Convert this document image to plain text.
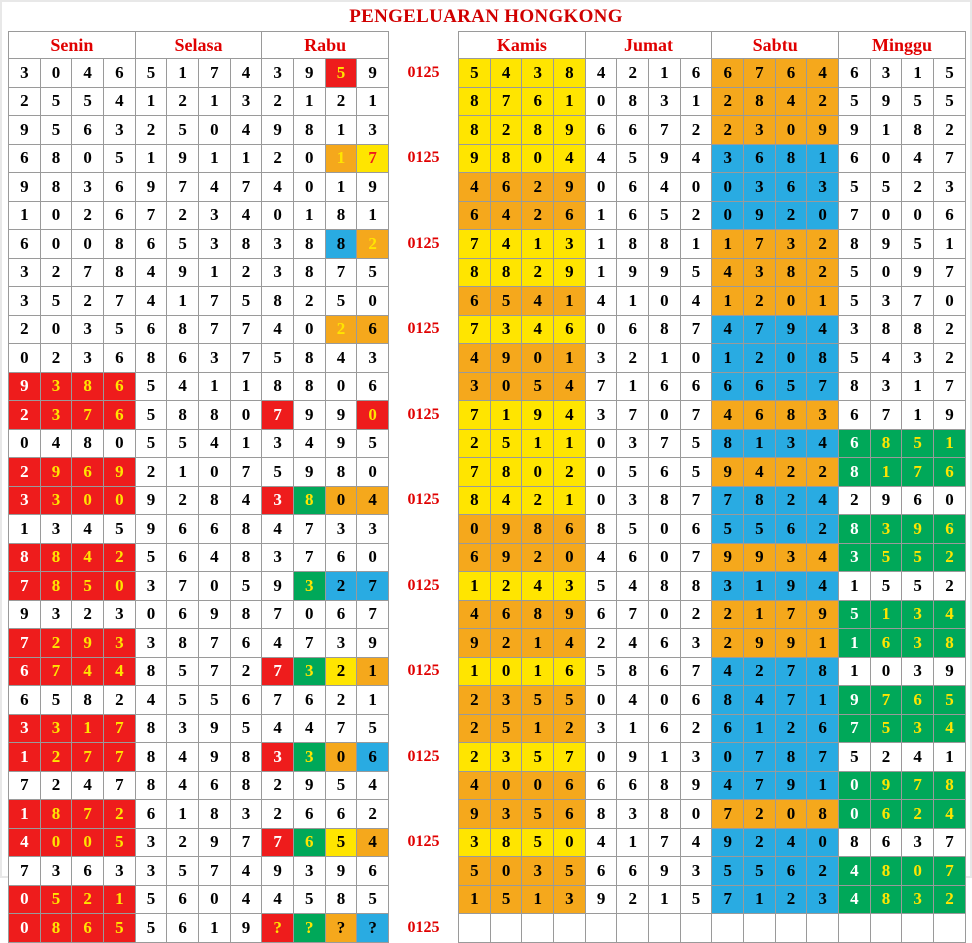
PENGELUARAN HONGKONG
Senin				Selasa				Rabu					Kamis				Jumat				Sabtu				Minggu			
3	0	4	6	5	1	7	4	3	9	5	9	0125	5	4	3	8	4	2	1	6	6	7	6	4	6	3	1	5
2	5	5	4	1	2	1	3	2	1	2	1		8	7	6	1	0	8	3	1	2	8	4	2	5	9	5	5
9	5	6	3	2	5	0	4	9	8	1	3		8	2	8	9	6	6	7	2	2	3	0	9	9	1	8	2
6	8	0	5	1	9	1	1	2	0	1	7	0125	9	8	0	4	4	5	9	4	3	6	8	1	6	0	4	7
9	8	3	6	9	7	4	7	4	0	1	9		4	6	2	9	0	6	4	0	0	3	6	3	5	5	2	3
1	0	2	6	7	2	3	4	0	1	8	1		6	4	2	6	1	6	5	2	0	9	2	0	7	0	0	6
6	0	0	8	6	5	3	8	3	8	8	2	0125	7	4	1	3	1	8	8	1	1	7	3	2	8	9	5	1
3	2	7	8	4	9	1	2	3	8	7	5		8	8	2	9	1	9	9	5	4	3	8	2	5	0	9	7
3	5	2	7	4	1	7	5	8	2	5	0		6	5	4	1	4	1	0	4	1	2	0	1	5	3	7	0
2	0	3	5	6	8	7	7	4	0	2	6	0125	7	3	4	6	0	6	8	7	4	7	9	4	3	8	8	2
0	2	3	6	8	6	3	7	5	8	4	3		4	9	0	1	3	2	1	0	1	2	0	8	5	4	3	2
9	3	8	6	5	4	1	1	8	8	0	6		3	0	5	4	7	1	6	6	6	6	5	7	8	3	1	7
2	3	7	6	5	8	8	0	7	9	9	0	0125	7	1	9	4	3	7	0	7	4	6	8	3	6	7	1	9
0	4	8	0	5	5	4	1	3	4	9	5		2	5	1	1	0	3	7	5	8	1	3	4	6	8	5	1
2	9	6	9	2	1	0	7	5	9	8	0		7	8	0	2	0	5	6	5	9	4	2	2	8	1	7	6
3	3	0	0	9	2	8	4	3	8	0	4	0125	8	4	2	1	0	3	8	7	7	8	2	4	2	9	6	0
1	3	4	5	9	6	6	8	4	7	3	3		0	9	8	6	8	5	0	6	5	5	6	2	8	3	9	6
8	8	4	2	5	6	4	8	3	7	6	0		6	9	2	0	4	6	0	7	9	9	3	4	3	5	5	2
7	8	5	0	3	7	0	5	9	3	2	7	0125	1	2	4	3	5	4	8	8	3	1	9	4	1	5	5	2
9	3	2	3	0	6	9	8	7	0	6	7		4	6	8	9	6	7	0	2	2	1	7	9	5	1	3	4
7	2	9	3	3	8	7	6	4	7	3	9		9	2	1	4	2	4	6	3	2	9	9	1	1	6	3	8
6	7	4	4	8	5	7	2	7	3	2	1	0125	1	0	1	6	5	8	6	7	4	2	7	8	1	0	3	9
6	5	8	2	4	5	5	6	7	6	2	1		2	3	5	5	0	4	0	6	8	4	7	1	9	7	6	5
3	3	1	7	8	3	9	5	4	4	7	5		2	5	1	2	3	1	6	2	6	1	2	6	7	5	3	4
1	2	7	7	8	4	9	8	3	3	0	6	0125	2	3	5	7	0	9	1	3	0	7	8	7	5	2	4	1
7	2	4	7	8	4	6	8	2	9	5	4		4	0	0	6	6	6	8	9	4	7	9	1	0	9	7	8
1	8	7	2	6	1	8	3	2	6	6	2		9	3	5	6	8	3	8	0	7	2	0	8	0	6	2	4
4	0	0	5	3	2	9	7	7	6	5	4	0125	3	8	5	0	4	1	7	4	9	2	4	0	8	6	3	7
7	3	6	3	3	5	7	4	9	3	9	6		5	0	3	5	6	6	9	3	5	5	6	2	4	8	0	7
0	5	2	1	5	6	0	4	4	5	8	5		1	5	1	3	9	2	1	5	7	1	2	3	4	8	3	2
0	8	6	5	5	6	1	9	?	?	?	?	0125																
